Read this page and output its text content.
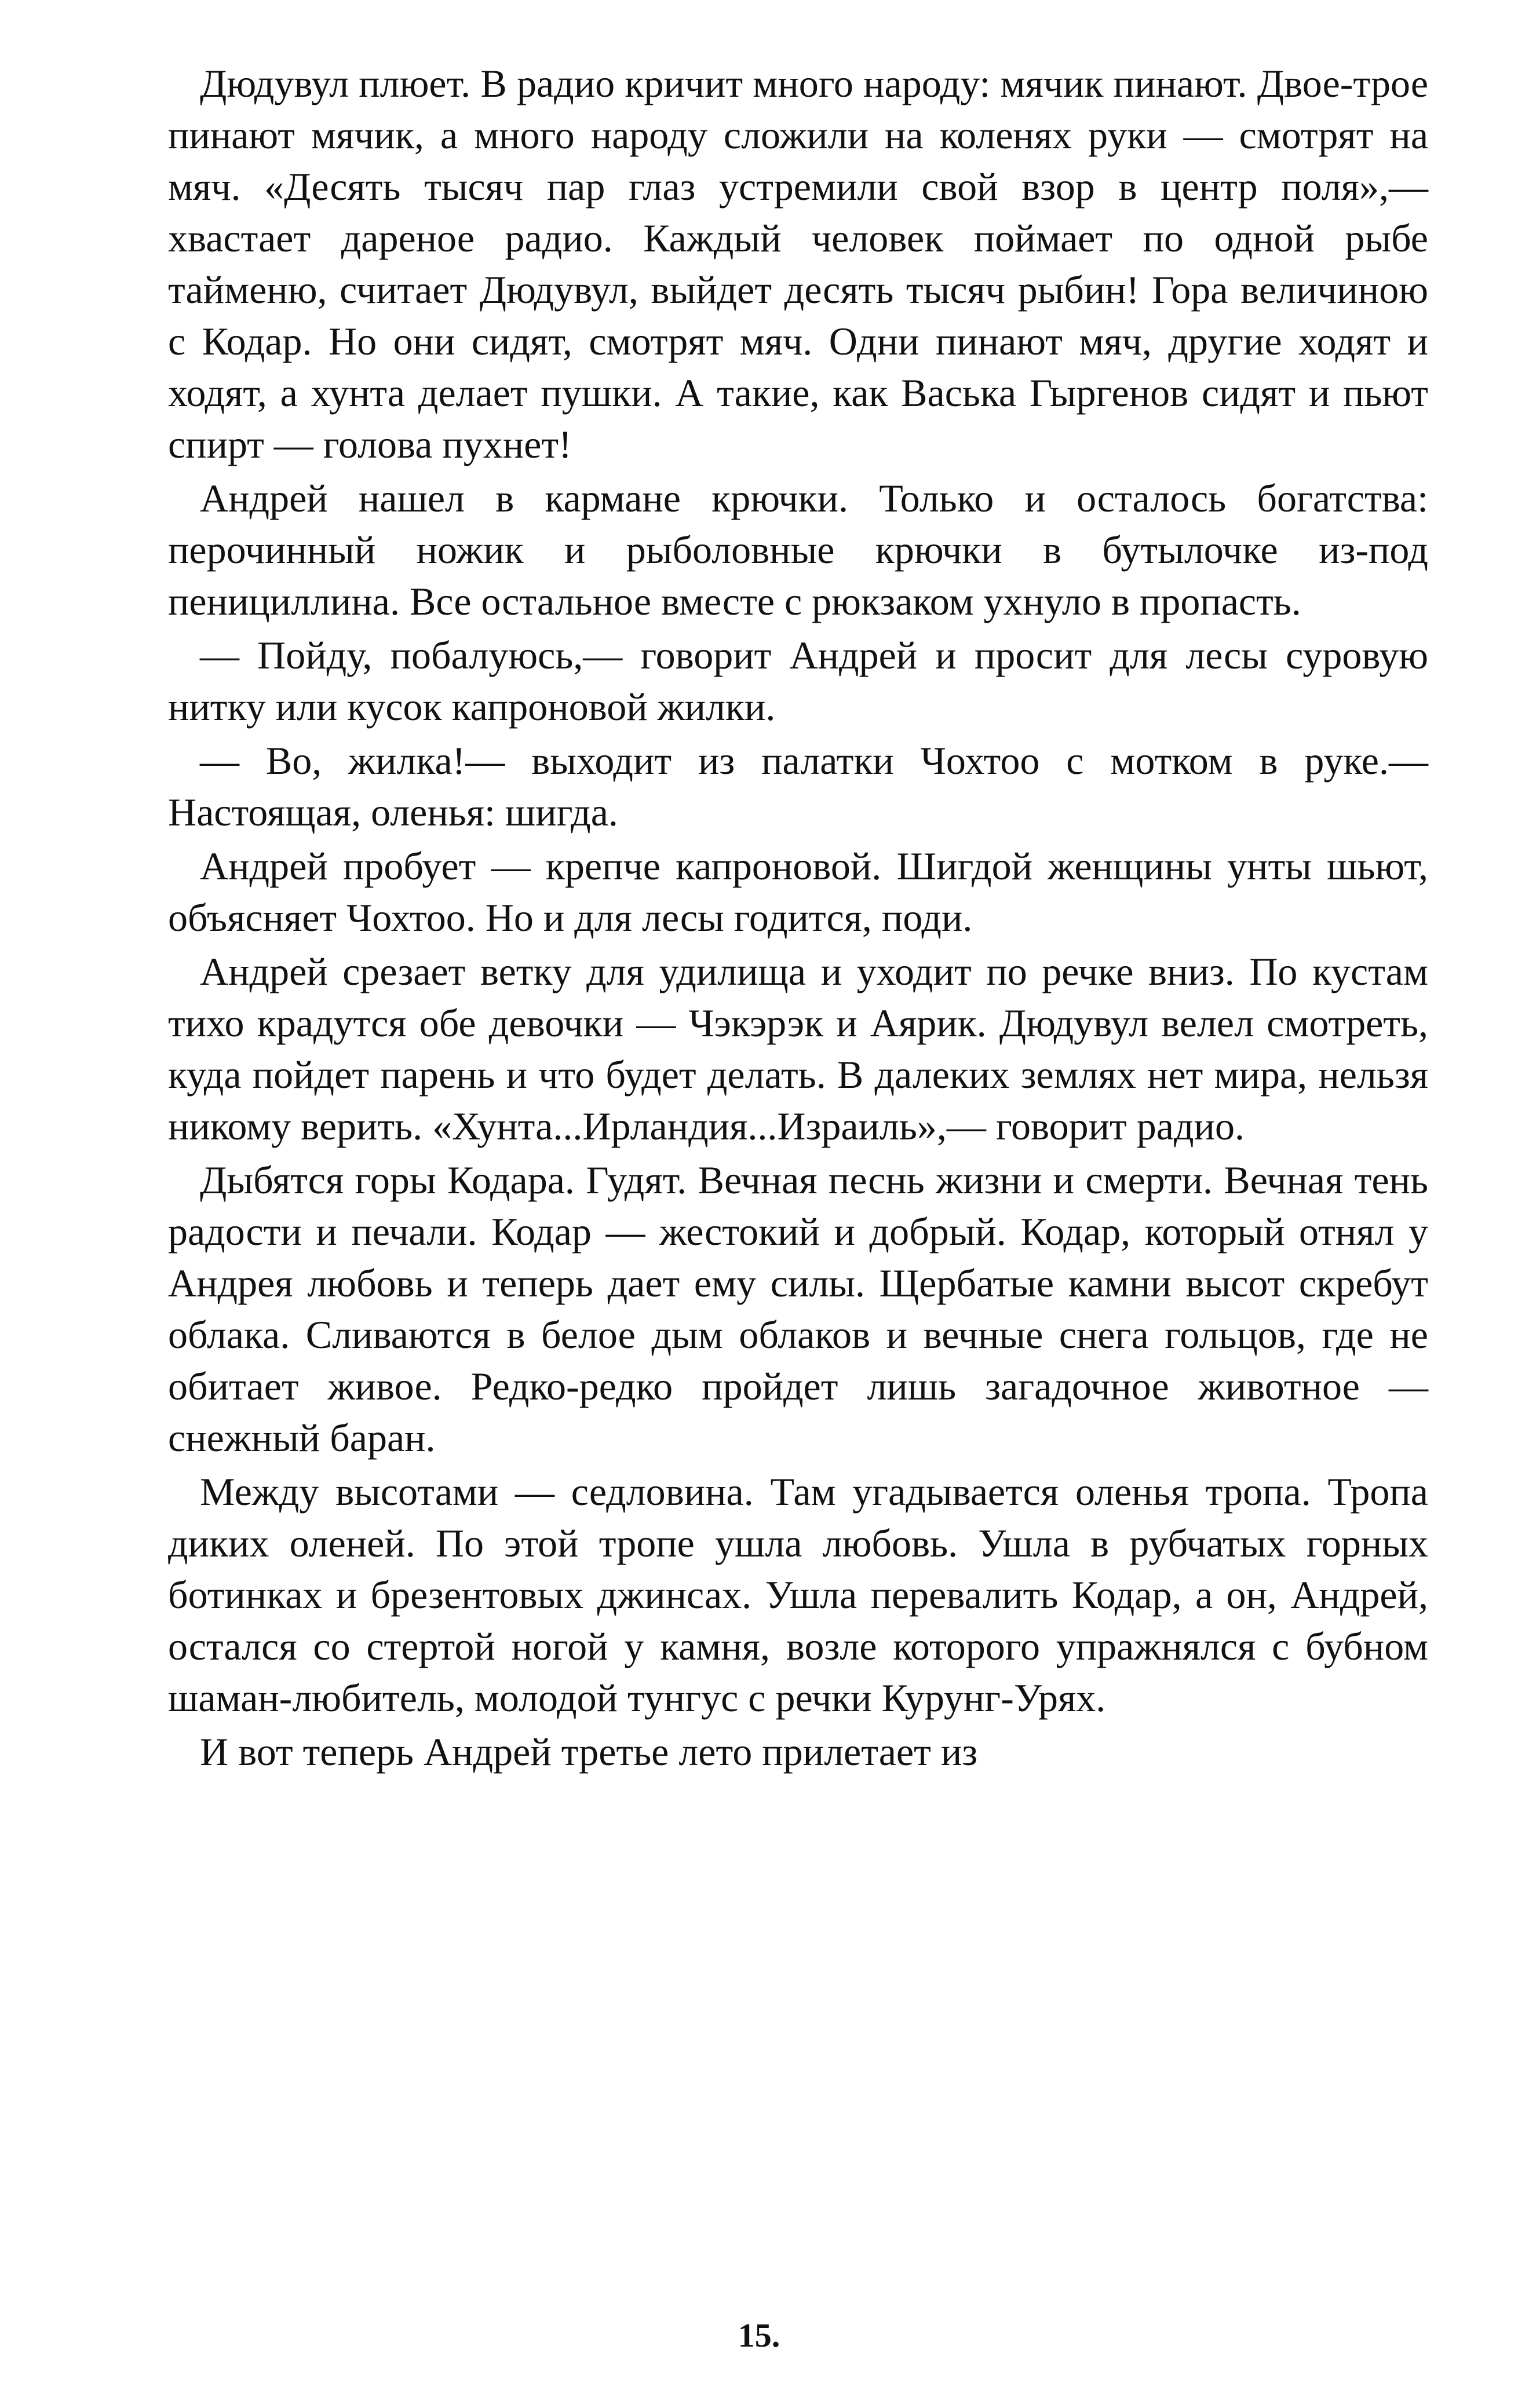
Дюдувул плюет. В радио кричит много народу: мячик пинают. Двое-трое пинают мячик, а много народу сложили на коленях руки — смотрят на мяч. «Десять тысяч пар глаз устремили свой взор в центр поля»,— хвастает дареное радио. Каждый человек поймает по одной рыбе таймeню, считает Дюдувул, выйдет десять тысяч рыбин! Гора величиною с Кодар. Но они сидят, смотрят мяч. Одни пинают мяч, другие ходят и ходят, а хунта делает пушки. А такие, как Васька Гыргенов сидят и пьют спирт — голова пухнет!

Андрей нашел в кармане крючки. Только и осталось богатства: перочинный ножик и рыболовные крючки в бутылочке из-под пенициллина. Все остальное вместе с рюкзаком ухнуло в пропасть.

— Пойду, побалуюсь,— говорит Андрей и просит для лесы суровую нитку или кусок капроновой жилки.

— Во, жилка!— выходит из палатки Чохтоо с мотком в руке.— Настоящая, оленья: шигда.

Андрей пробует — крепче капроновой. Шигдой женщины унты шьют, объясняет Чохтоо. Но и для лесы годится, поди.

Андрей срезает ветку для удилища и уходит по речке вниз. По кустам тихо крадутся обе девочки — Чэкэрэк и Аярик. Дюдувул велел смотреть, куда пойдет парень и что будет делать. В далеких землях нет мира, нельзя никому верить. «Хунта...Ирландия...Израиль»,— говорит радио.

Дыбятся горы Кодара. Гудят. Вечная песнь жизни и смерти. Вечная тень радости и печали. Кодар — жестокий и добрый. Кодар, который отнял у Андрея любовь и теперь дает ему силы. Щербатые камни высот скребут облака. Сливаются в белое дым облаков и вечные снега гольцов, где не обитает живое. Редко-редко пройдет лишь загадочное животное — снежный баран.

Между высотами — седловина. Там угадывается оленья тропа. Тропа диких оленей. По этой тропе ушла любовь. Ушла в рубчатых горных ботинках и брезентовых джинсах. Ушла перевалить Кодар, а он, Андрей, остался со стертой ногой у камня, возле которого упражнялся с бубном шаман-любитель, молодой тунгус с речки Курунг-Урях.

И вот теперь Андрей третье лето прилетает из

15.
